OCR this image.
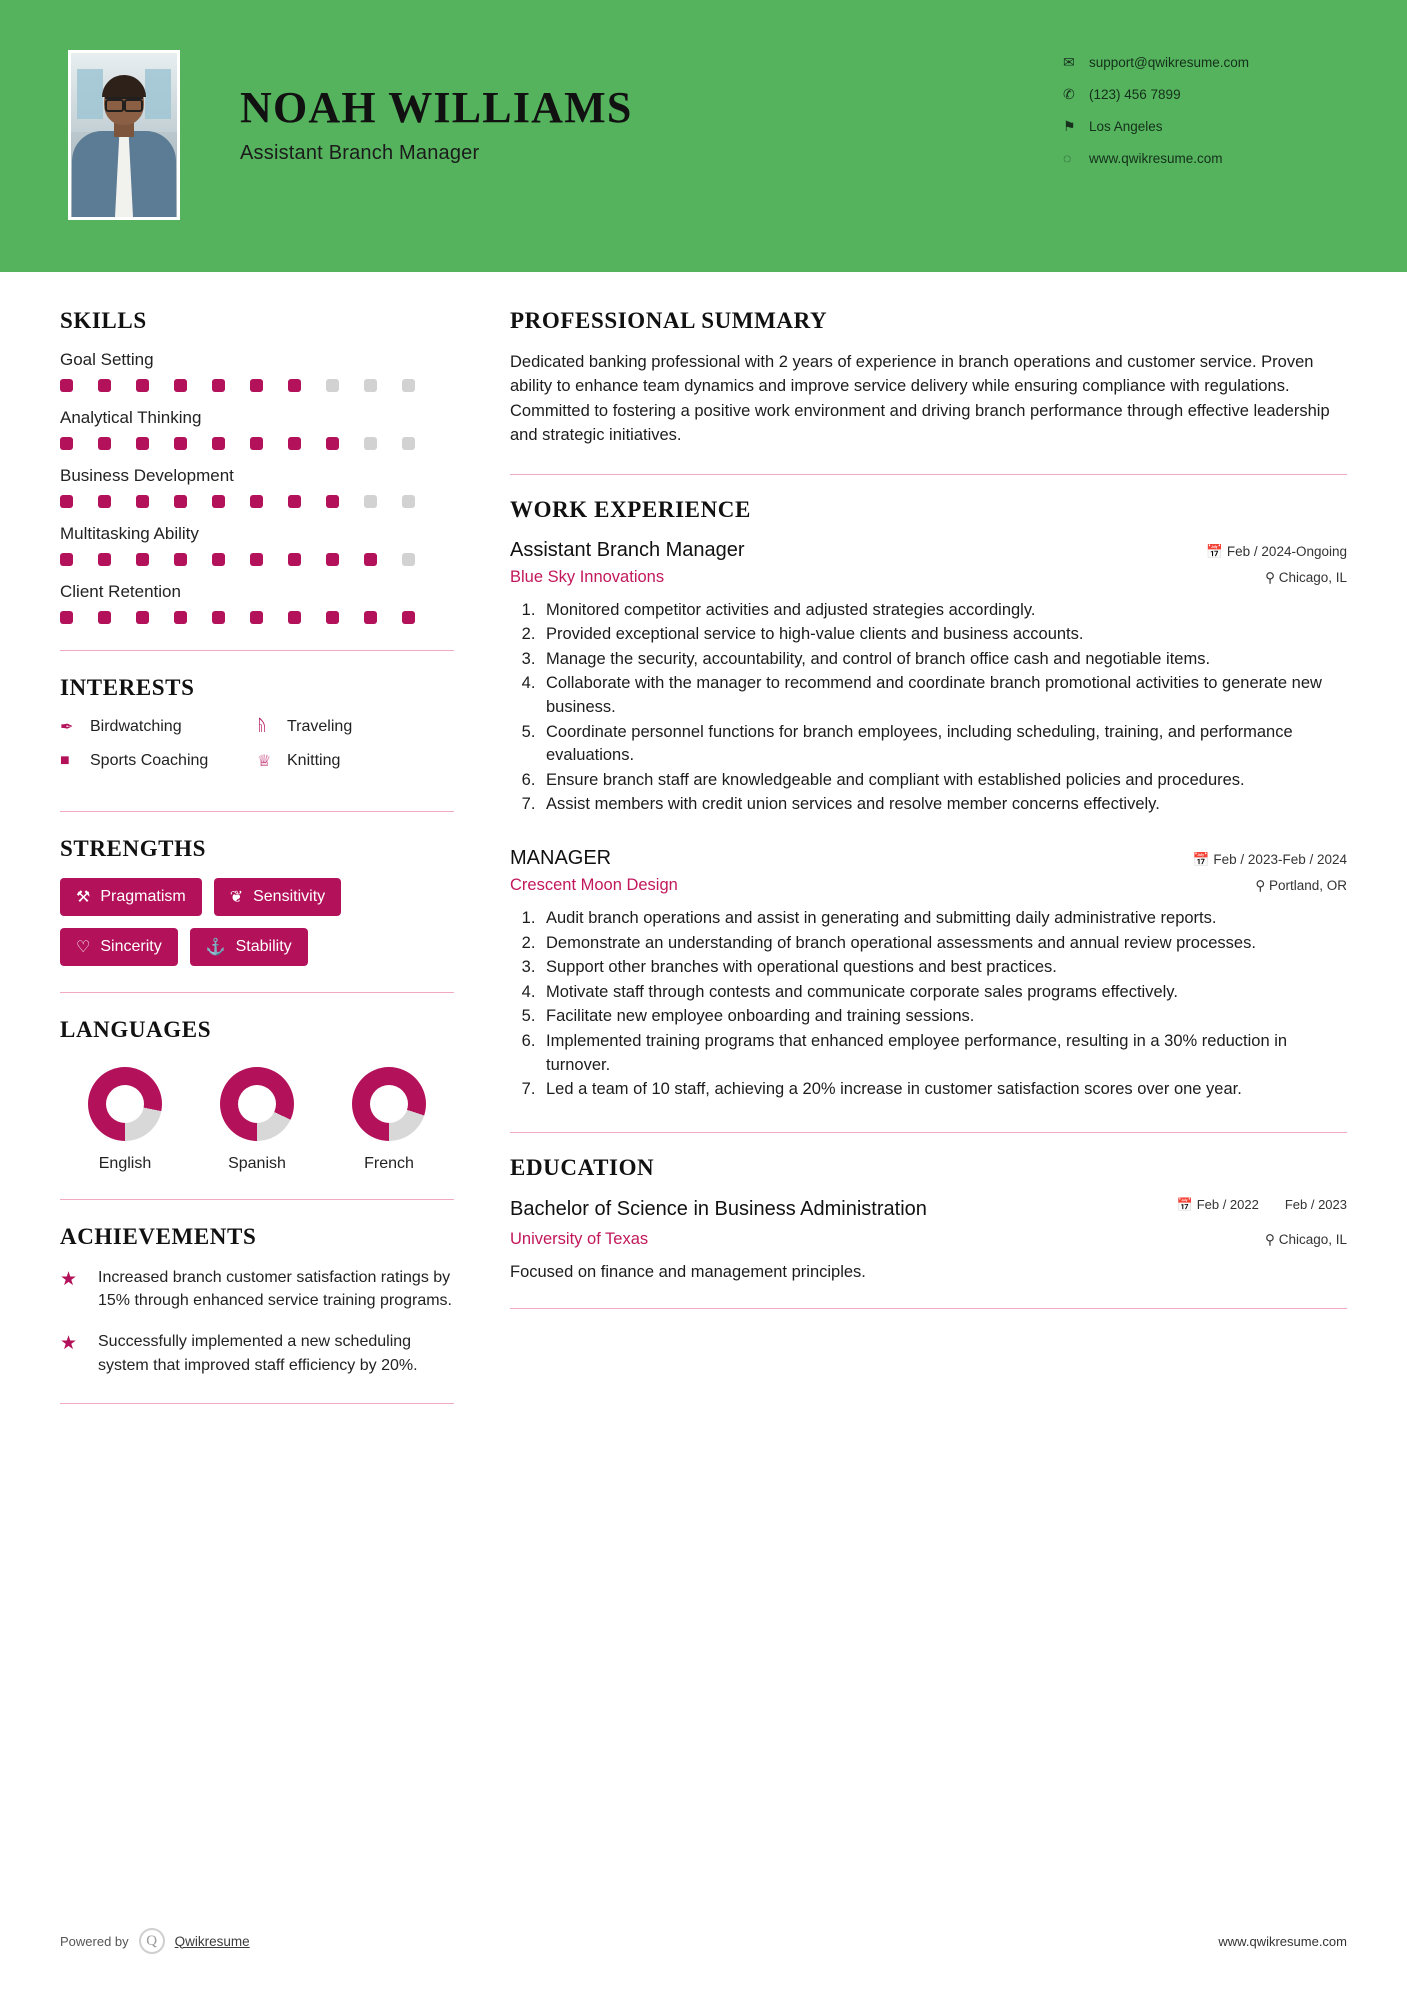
NOAH WILLIAMS
Assistant Branch Manager
✉	support@qwikresume.com
✆	(123) 456 7899
⚑ Los Angeles
◌	www.qwikresume.com
SKILLS
Goal Setting
Analytical Thinking
Business Development
Multitasking Ability
Client Retention
INTERESTS
✒	Birdwatching	ᚥ	Traveling
■	Sports Coaching	♕ Knitting
STRENGTHS
⚒ Pragmatism	❦ Sensitivity
♡ Sincerity	⚓ Stability
LANGUAGES
English	Spanish	French
ACHIEVEMENTS
★	Increased branch customer satisfaction ratings by 15% through enhanced service training programs.
★	Successfully implemented a new scheduling system that improved staff efficiency by 20%.
PROFESSIONAL SUMMARY
Dedicated banking professional with 2 years of experience in branch operations and customer service. Proven ability to enhance team dynamics and improve service delivery while ensuring compliance with regulations. Committed to fostering a positive work environment and driving branch performance through effective leadership and strategic initiatives.
WORK EXPERIENCE
Assistant Branch Manager	📅 Feb / 2024-Ongoing
Blue Sky Innovations	⚲ Chicago, IL
1. Monitored competitor activities and adjusted strategies accordingly.
2. Provided exceptional service to high-value clients and business accounts.
3. Manage the security, accountability, and control of branch office cash and negotiable items.
4. Collaborate with the manager to recommend and coordinate branch promotional activities to generate new business.
5. Coordinate personnel functions for branch employees, including scheduling, training, and performance evaluations.
6. Ensure branch staff are knowledgeable and compliant with established policies and procedures.
7. Assist members with credit union services and resolve member concerns effectively.
MANAGER	📅 Feb / 2023-Feb / 2024
Crescent Moon Design	⚲ Portland, OR
1. Audit branch operations and assist in generating and submitting daily administrative reports.
2. Demonstrate an understanding of branch operational assessments and annual review processes.
3. Support other branches with operational questions and best practices.
4. Motivate staff through contests and communicate corporate sales programs effectively.
5. Facilitate new employee onboarding and training sessions.
6. Implemented training programs that enhanced employee performance, resulting in a 30% reduction in turnover.
7. Led a team of 10 staff, achieving a 20% increase in customer satisfaction scores over one year.
EDUCATION
Bachelor of Science in Business Administration	📅 Feb / 2022 Feb / 2023
University of Texas	⚲ Chicago, IL
Focused on finance and management principles.
Powered by	Q	Qwikresume	www.qwikresume.com
